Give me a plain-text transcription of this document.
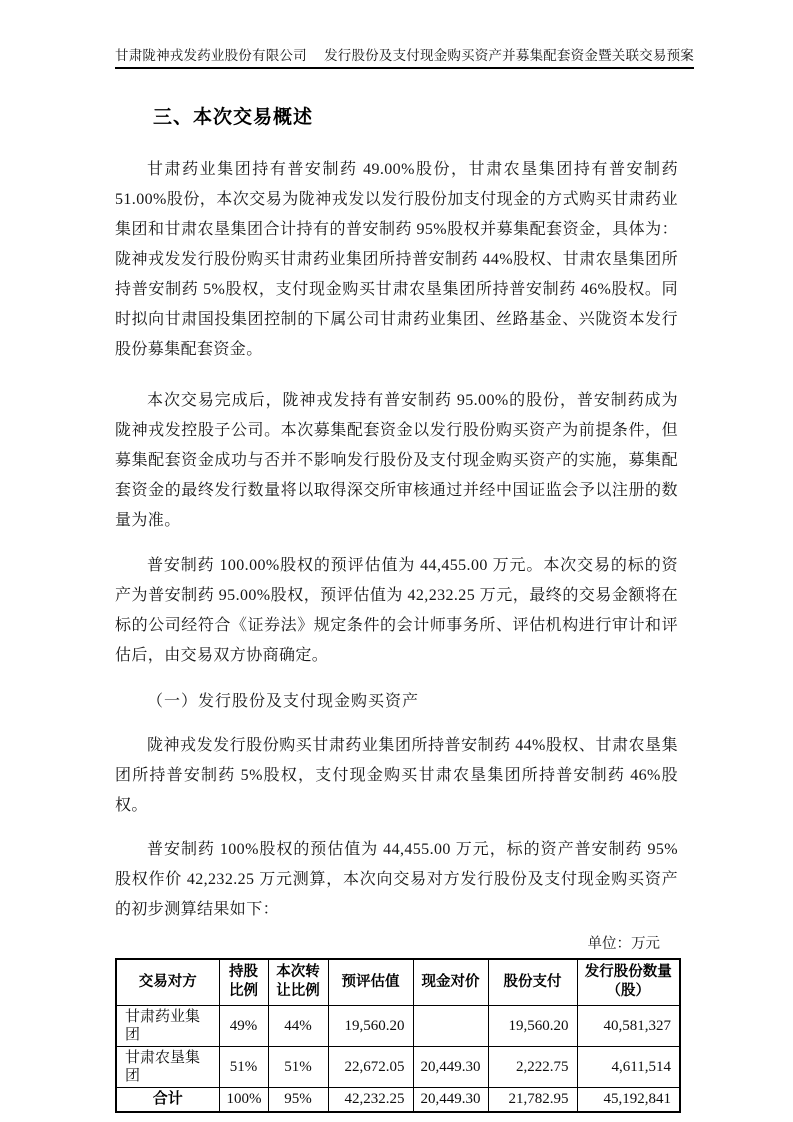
甘肃陇神戎发药业股份有限公司　 发行股份及支付现金购买资产并募集配套资金暨关联交易预案
三、本次交易概述

甘肃药业集团持有普安制药 49.00%股份，甘肃农垦集团持有普安制药 51.00%股份，本次交易为陇神戎发以发行股份加支付现金的方式购买甘肃药业集团和甘肃农垦集团合计持有的普安制药 95%股权并募集配套资金，具体为：陇神戎发发行股份购买甘肃药业集团所持普安制药 44%股权、甘肃农垦集团所持普安制药 5%股权，支付现金购买甘肃农垦集团所持普安制药 46%股权。同时拟向甘肃国投集团控制的下属公司甘肃药业集团、丝路基金、兴陇资本发行股份募集配套资金。

本次交易完成后，陇神戎发持有普安制药 95.00%的股份，普安制药成为陇神戎发控股子公司。本次募集配套资金以发行股份购买资产为前提条件，但募集配套资金成功与否并不影响发行股份及支付现金购买资产的实施，募集配套资金的最终发行数量将以取得深交所审核通过并经中国证监会予以注册的数量为准。

普安制药 100.00%股权的预评估值为 44,455.00 万元。本次交易的标的资产为普安制药 95.00%股权，预评估值为 42,232.25 万元，最终的交易金额将在标的公司经符合《证券法》规定条件的会计师事务所、评估机构进行审计和评估后，由交易双方协商确定。

（一）发行股份及支付现金购买资产

陇神戎发发行股份购买甘肃药业集团所持普安制药 44%股权、甘肃农垦集团所持普安制药 5%股权，支付现金购买甘肃农垦集团所持普安制药 46%股权。

普安制药 100%股权的预估值为 44,455.00 万元，标的资产普安制药 95%股权作价 42,232.25 万元测算，本次向交易对方发行股份及支付现金购买资产的初步测算结果如下：

单位：万元
交易对方	持股比例	本次转让比例	预评估值	现金对价	股份支付	发行股份数量（股）
甘肃药业集团	49%	44%	19,560.20		19,560.20	40,581,327
甘肃农垦集团	51%	51%	22,672.05	20,449.30	2,222.75	4,611,514
合计	100%	95%	42,232.25	20,449.30	21,782.95	45,192,841
